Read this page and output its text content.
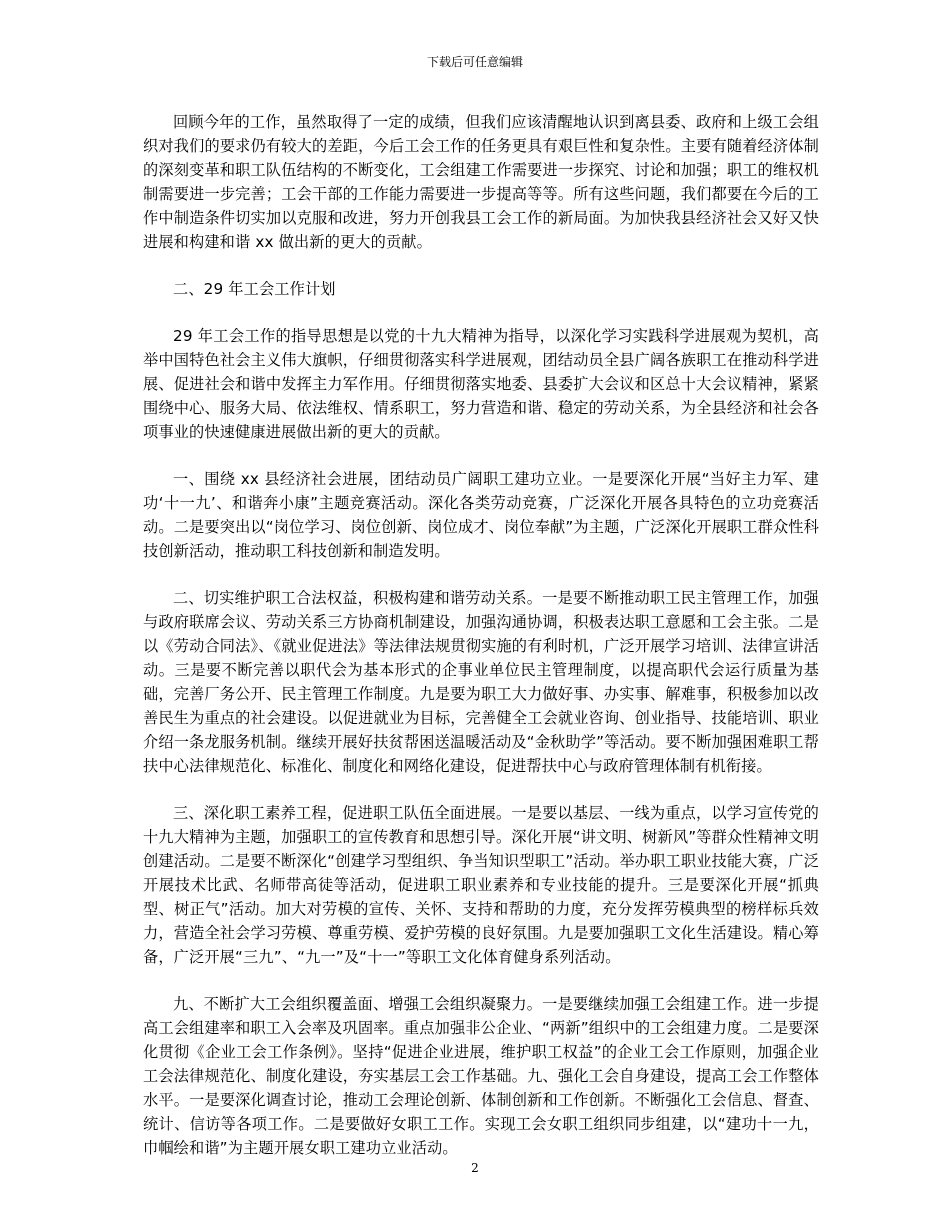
下载后可任意编辑

回顾今年的工作，虽然取得了一定的成绩，但我们应该清醒地认识到离县委、政府和上级工会组织对我们的要求仍有较大的差距，今后工会工作的任务更具有艰巨性和复杂性。主要有随着经济体制的深刻变革和职工队伍结构的不断变化，工会组建工作需要进一步探究、讨论和加强；职工的维权机制需要进一步完善；工会干部的工作能力需要进一步提高等等。所有这些问题，我们都要在今后的工作中制造条件切实加以克服和改进，努力开创我县工会工作的新局面。为加快我县经济社会又好又快进展和构建和谐 xx 做出新的更大的贡献。

二、29 年工会工作计划

29 年工会工作的指导思想是以党的十九大精神为指导，以深化学习实践科学进展观为契机，高举中国特色社会主义伟大旗帜，仔细贯彻落实科学进展观，团结动员全县广阔各族职工在推动科学进展、促进社会和谐中发挥主力军作用。仔细贯彻落实地委、县委扩大会议和区总十大会议精神，紧紧围绕中心、服务大局、依法维权、情系职工，努力营造和谐、稳定的劳动关系，为全县经济和社会各项事业的快速健康进展做出新的更大的贡献。

一、围绕 xx 县经济社会进展，团结动员广阔职工建功立业。一是要深化开展“当好主力军、建功‘十一九’、和谐奔小康”主题竞赛活动。深化各类劳动竞赛，广泛深化开展各具特色的立功竞赛活动。二是要突出以“岗位学习、岗位创新、岗位成才、岗位奉献”为主题，广泛深化开展职工群众性科技创新活动，推动职工科技创新和制造发明。

二、切实维护职工合法权益，积极构建和谐劳动关系。一是要不断推动职工民主管理工作，加强与政府联席会议、劳动关系三方协商机制建设，加强沟通协调，积极表达职工意愿和工会主张。二是以《劳动合同法》、《就业促进法》等法律法规贯彻实施的有利时机，广泛开展学习培训、法律宣讲活动。三是要不断完善以职代会为基本形式的企事业单位民主管理制度，以提高职代会运行质量为基础，完善厂务公开、民主管理工作制度。九是要为职工大力做好事、办实事、解难事，积极参加以改善民生为重点的社会建设。以促进就业为目标，完善健全工会就业咨询、创业指导、技能培训、职业介绍一条龙服务机制。继续开展好扶贫帮困送温暖活动及“金秋助学”等活动。要不断加强困难职工帮扶中心法律规范化、标准化、制度化和网络化建设，促进帮扶中心与政府管理体制有机衔接。

三、深化职工素养工程，促进职工队伍全面进展。一是要以基层、一线为重点，以学习宣传党的十九大精神为主题，加强职工的宣传教育和思想引导。深化开展“讲文明、树新风”等群众性精神文明创建活动。二是要不断深化“创建学习型组织、争当知识型职工”活动。举办职工职业技能大赛，广泛开展技术比武、名师带高徒等活动，促进职工职业素养和专业技能的提升。三是要深化开展“抓典型、树正气”活动。加大对劳模的宣传、关怀、支持和帮助的力度，充分发挥劳模典型的榜样标兵效力，营造全社会学习劳模、尊重劳模、爱护劳模的良好氛围。九是要加强职工文化生活建设。精心筹备，广泛开展“三九”、“九一”及“十一”等职工文化体育健身系列活动。

九、不断扩大工会组织覆盖面、增强工会组织凝聚力。一是要继续加强工会组建工作。进一步提高工会组建率和职工入会率及巩固率。重点加强非公企业、“两新”组织中的工会组建力度。二是要深化贯彻《企业工会工作条例》。坚持“促进企业进展，维护职工权益”的企业工会工作原则，加强企业工会法律规范化、制度化建设，夯实基层工会工作基础。九、强化工会自身建设，提高工会工作整体水平。一是要深化调查讨论，推动工会理论创新、体制创新和工作创新。不断强化工会信息、督查、统计、信访等各项工作。二是要做好女职工工作。实现工会女职工组织同步组建，以“建功十一九，巾帼绘和谐”为主题开展女职工建功立业活动。

2
